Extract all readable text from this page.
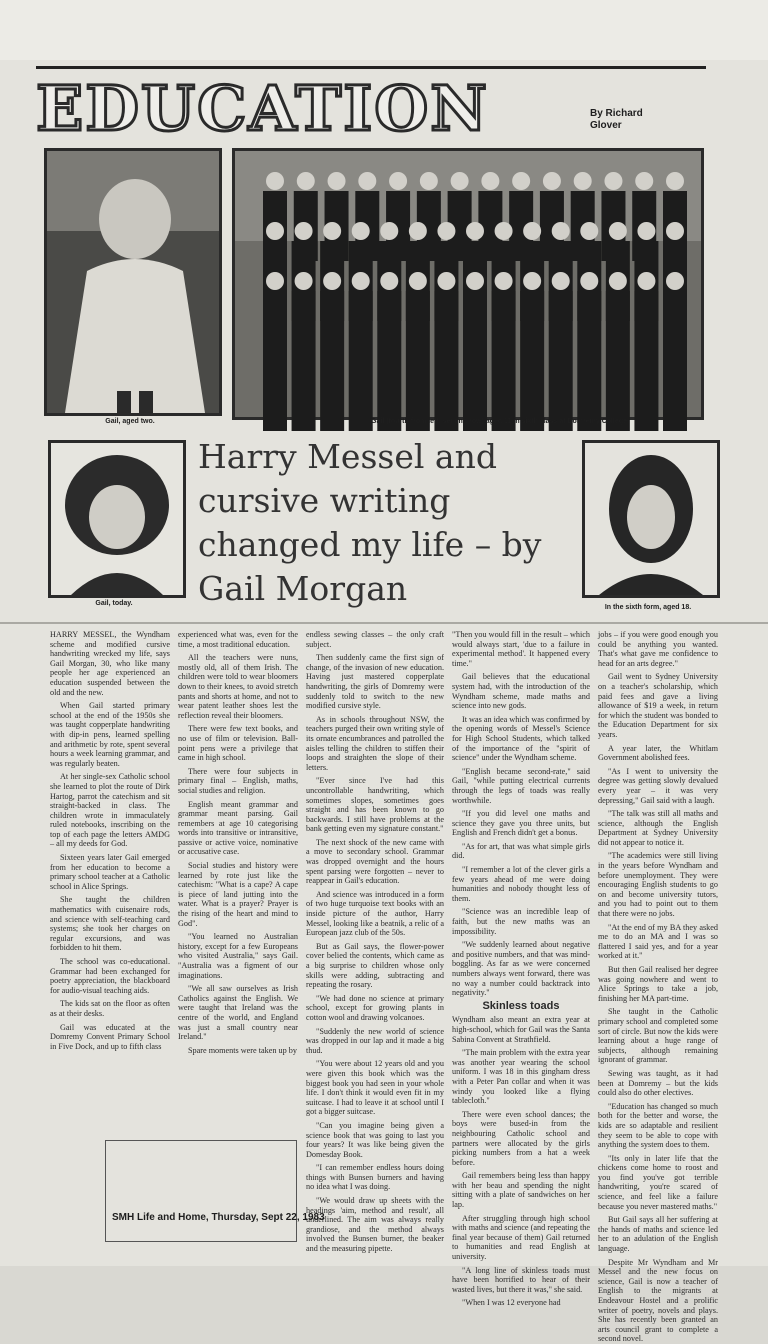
EDUCATION	By Richard Glover
Gail, aged two.	Gail (fourth from left, second row) aged 11 in sixth class at Domremy College.
Gail, today.
Harry Messel and cursive writing changed my life – by Gail Morgan	In the sixth form, aged 18.

HARRY MESSEL, the Wyndham scheme and modified cursive handwriting wrecked my life, says Gail Morgan, 30, who like many people her age experienced an education suspended between the old and the new.

When Gail started primary school at the end of the 1950s she was taught copperplate handwriting with dip-in pens, learned spelling and arithmetic by rote, spent several hours a week learning grammar, and was regularly beaten.

At her single-sex Catholic school she learned to plot the route of Dirk Hartog, parrot the catechism and sit straight-backed in class. The children wrote in immaculately ruled notebooks, inscribing on the top of each page the letters AMDG – all my deeds for God.

Sixteen years later Gail emerged from her education to become a primary school teacher at a Catholic school in Alice Springs.

She taught the children mathematics with cuisenaire rods, and science with self-teaching card systems; she took her charges on regular excursions, and was forbidden to hit them.

The school was co-educational. Grammar had been exchanged for poetry appreciation, the blackboard for audio-visual teaching aids.

The kids sat on the floor as often as at their desks.

Gail was educated at the Domremy Convent Primary School in Five Dock, and up to fifth class

experienced what was, even for the time, a most traditional education.

All the teachers were nuns, mostly old, all of them Irish. The children were told to wear bloomers down to their knees, to avoid stretch pants and shorts at home, and not to wear patent leather shoes lest the reflection reveal their bloomers.

There were few text books, and no use of film or television. Ball-point pens were a privilege that came in high school.

There were four subjects in primary final – English, maths, social studies and religion.

English meant grammar and grammar meant parsing. Gail remembers at age 10 categorising words into transitive or intransitive, passive or active voice, nominative or accusative case.

Social studies and history were learned by rote just like the catechism: "What is a cape? A cape is piece of land jutting into the water. What is a prayer? Prayer is the rising of the heart and mind to God".

"You learned no Australian history, except for a few Europeans who visited Australia," says Gail. "Australia was a figment of our imaginations.

"We all saw ourselves as Irish Catholics against the English. We were taught that Ireland was the centre of the world, and England was just a small country near Ireland."

Spare moments were taken up by

endless sewing classes – the only craft subject.

Then suddenly came the first sign of change, of the invasion of new education. Having just mastered copperplate handwriting, the girls of Domremy were suddenly told to switch to the new modified cursive style.

As in schools throughout NSW, the teachers purged their own writing style of its ornate encumbrances and patrolled the aisles telling the children to stiffen their loops and straighten the slope of their letters.

"Ever since I've had this uncontrollable handwriting, which sometimes slopes, sometimes goes straight and has been known to go backwards. I still have problems at the bank getting even my signature constant."

The next shock of the new came with a move to secondary school. Grammar was dropped overnight and the hours spent parsing were forgotten – never to reappear in Gail's education.

And science was introduced in a form of two huge turquoise text books with an inside picture of the author, Harry Messel, looking like a beatnik, a relic of a European jazz club of the 50s.

But as Gail says, the flower-power cover belied the contents, which came as a big surprise to children whose only skills were adding, subtracting and repeating the rosary.

"We had done no science at primary school, except for growing plants in cotton wool and drawing volcanoes.

"Suddenly the new world of science was dropped in our lap and it made a big thud.

"You were about 12 years old and you were given this book which was the biggest book you had seen in your whole life. I don't think it would even fit in my suitcase. I had to leave it at school until I got a bigger suitcase.

"Can you imagine being given a science book that was going to last you four years? It was like being given the Domesday Book.

"I can remember endless hours doing things with Bunsen burners and having no idea what I was doing.

"We would draw up sheets with the headings 'aim, method and result', all underlined. The aim was always really grandiose, and the method always involved the Bunsen burner, the beaker and the measuring pipette.

"Then you would fill in the result – which would always start, 'due to a failure in experimental method'. It happened every time."

Gail believes that the educational system had, with the introduction of the Wyndham scheme, made maths and science into new gods.

It was an idea which was confirmed by the opening words of Messel's Science for High School Students, which talked of the importance of the "spirit of science" under the Wyndham scheme.

"English became second-rate," said Gail, "while putting electrical currents through the legs of toads was really worthwhile.

"If you did level one maths and science they gave you three units, but English and French didn't get a bonus.

"As for art, that was what simple girls did.

"I remember a lot of the clever girls a few years ahead of me were doing humanities and nobody thought less of them.

"Science was an incredible leap of faith, but the new maths was an impossibility.

"We suddenly learned about negative and positive numbers, and that was mind-boggling. As far as we were concerned numbers always went forward, there was no way a number could backtrack into negativity."

Skinless toads

Wyndham also meant an extra year at high-school, which for Gail was the Santa Sabina Convent at Strathfield.

"The main problem with the extra year was another year wearing the school uniform. I was 18 in this gingham dress with a Peter Pan collar and when it was windy you looked like a flying tablecloth."

There were even school dances; the boys were bused-in from the neighbouring Catholic school and partners were allocated by the girls picking numbers from a hat a week before.

Gail remembers being less than happy with her beau and spending the night sitting with a plate of sandwiches on her lap.

After struggling through high school with maths and science (and repeating the final year because of them) Gail returned to humanities and read English at university.

"A long line of skinless toads must have been horrified to hear of their wasted lives, but there it was," she said.

"When I was 12 everyone had

jobs – if you were good enough you could be anything you wanted. That's what gave me confidence to head for an arts degree."

Gail went to Sydney University on a teacher's scholarship, which paid fees and gave a living allowance of $19 a week, in return for which the student was bonded to the Education Department for six years.

A year later, the Whitlam Government abolished fees.

"As I went to university the degree was getting slowly devalued every year – it was very depressing," Gail said with a laugh.

"The talk was still all maths and science, although the English Department at Sydney University did not appear to notice it.

"The academics were still living in the years before Wyndham and before unemployment. They were encouraging English students to go on and become university tutors, and you had to point out to them that there were no jobs.

"At the end of my BA they asked me to do an MA and I was so flattered I said yes, and for a year worked at it."

But then Gail realised her degree was going nowhere and went to Alice Springs to take a job, finishing her MA part-time.

She taught in the Catholic primary school and completed some sort of circle. But now the kids were learning about a huge range of subjects, although remaining ignorant of grammar.

Sewing was taught, as it had been at Domremy – but the kids could also do other electives.

"Education has changed so much both for the better and worse, the kids are so adaptable and resilient they seem to be able to cope with anything the system does to them.

"Its only in later life that the chickens come home to roost and you find you've got terrible handwriting, you're scared of science, and feel like a failure because you never mastered maths."

But Gail says all her suffering at the hands of maths and science led her to an adulation of the English language.

Despite Mr Wyndham and Mr Messel and the new focus on science, Gail is now a teacher of English to the migrants at Endeavour Hostel and a prolific writer of poetry, novels and plays. She has recently been granted an arts council grant to complete a second novel.

SMH Life and Home, Thursday, Sept 22, 1983
